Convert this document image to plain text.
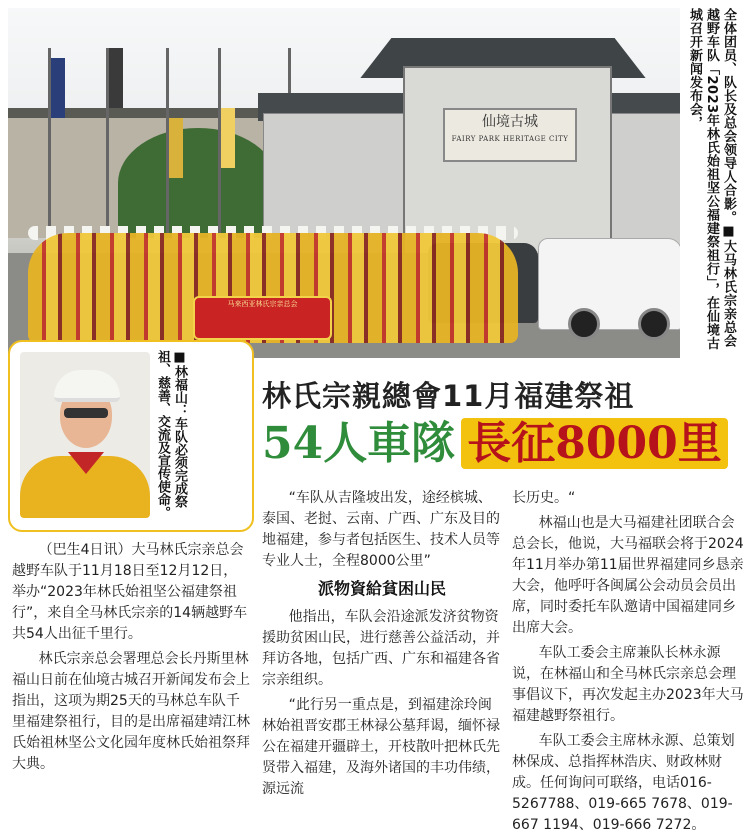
仙境古城
FAIRY PARK HERITAGE CITY
马来西亚林氏宗亲总会	全体团员、队长及总会领导人合影。■大马林氏宗亲总会越野车队「2023年林氏始祖坚公福建祭祖行」，在仙境古城召开新闻发布会，

■林福山：车队必须完成祭祖、慈善、交流及宣传使命。	林氏宗親總會11月福建祭祖
54人車隊 長征8000里

（巴生4日讯）大马林氏宗亲总会越野车队于11月18日至12月12日，举办“2023年林氏始祖坚公福建祭祖行”，来自全马林氏宗亲的14辆越野车共54人出征千里行。

林氏宗亲总会署理总会长丹斯里林福山日前在仙境古城召开新闻发布会上指出，这项为期25天的马林总车队千里福建祭祖行，目的是出席福建靖江林氏始祖林坚公文化园年度林氏始祖祭拜大典。

“车队从吉隆坡出发，途经槟城、泰国、老挝、云南、广西、广东及目的地福建，参与者包括医生、技术人员等专业人士，全程8000公里”

派物資給貧困山民

他指出，车队会沿途派发济贫物资援助贫困山民，进行慈善公益活动，并拜访各地，包括广西、广东和福建各省宗亲组织。

“此行另一重点是，到福建涂玲闽林始祖晋安郡王林禄公墓拜谒，缅怀禄公在福建开疆辟土，开枝散叶把林氏先贤带入福建，及海外诸国的丰功伟绩，源远流

长历史。“

林福山也是大马福建社团联合会总会长，他说，大马福联会将于2024年11月举办第11届世界福建同乡恳亲大会，他呼吁各闽属公会动员会员出席，同时委托车队邀请中国福建同乡出席大会。

车队工委会主席兼队长林永源说，在林福山和全马林氏宗亲总会理事倡议下，再次发起主办2023年大马福建越野祭祖行。

车队工委会主席林永源、总策划林保成、总指挥林浩庆、财政林财成。任何询问可联络，电话016-5267788、019-665 7678、019-667 1194、019-666 7272。
